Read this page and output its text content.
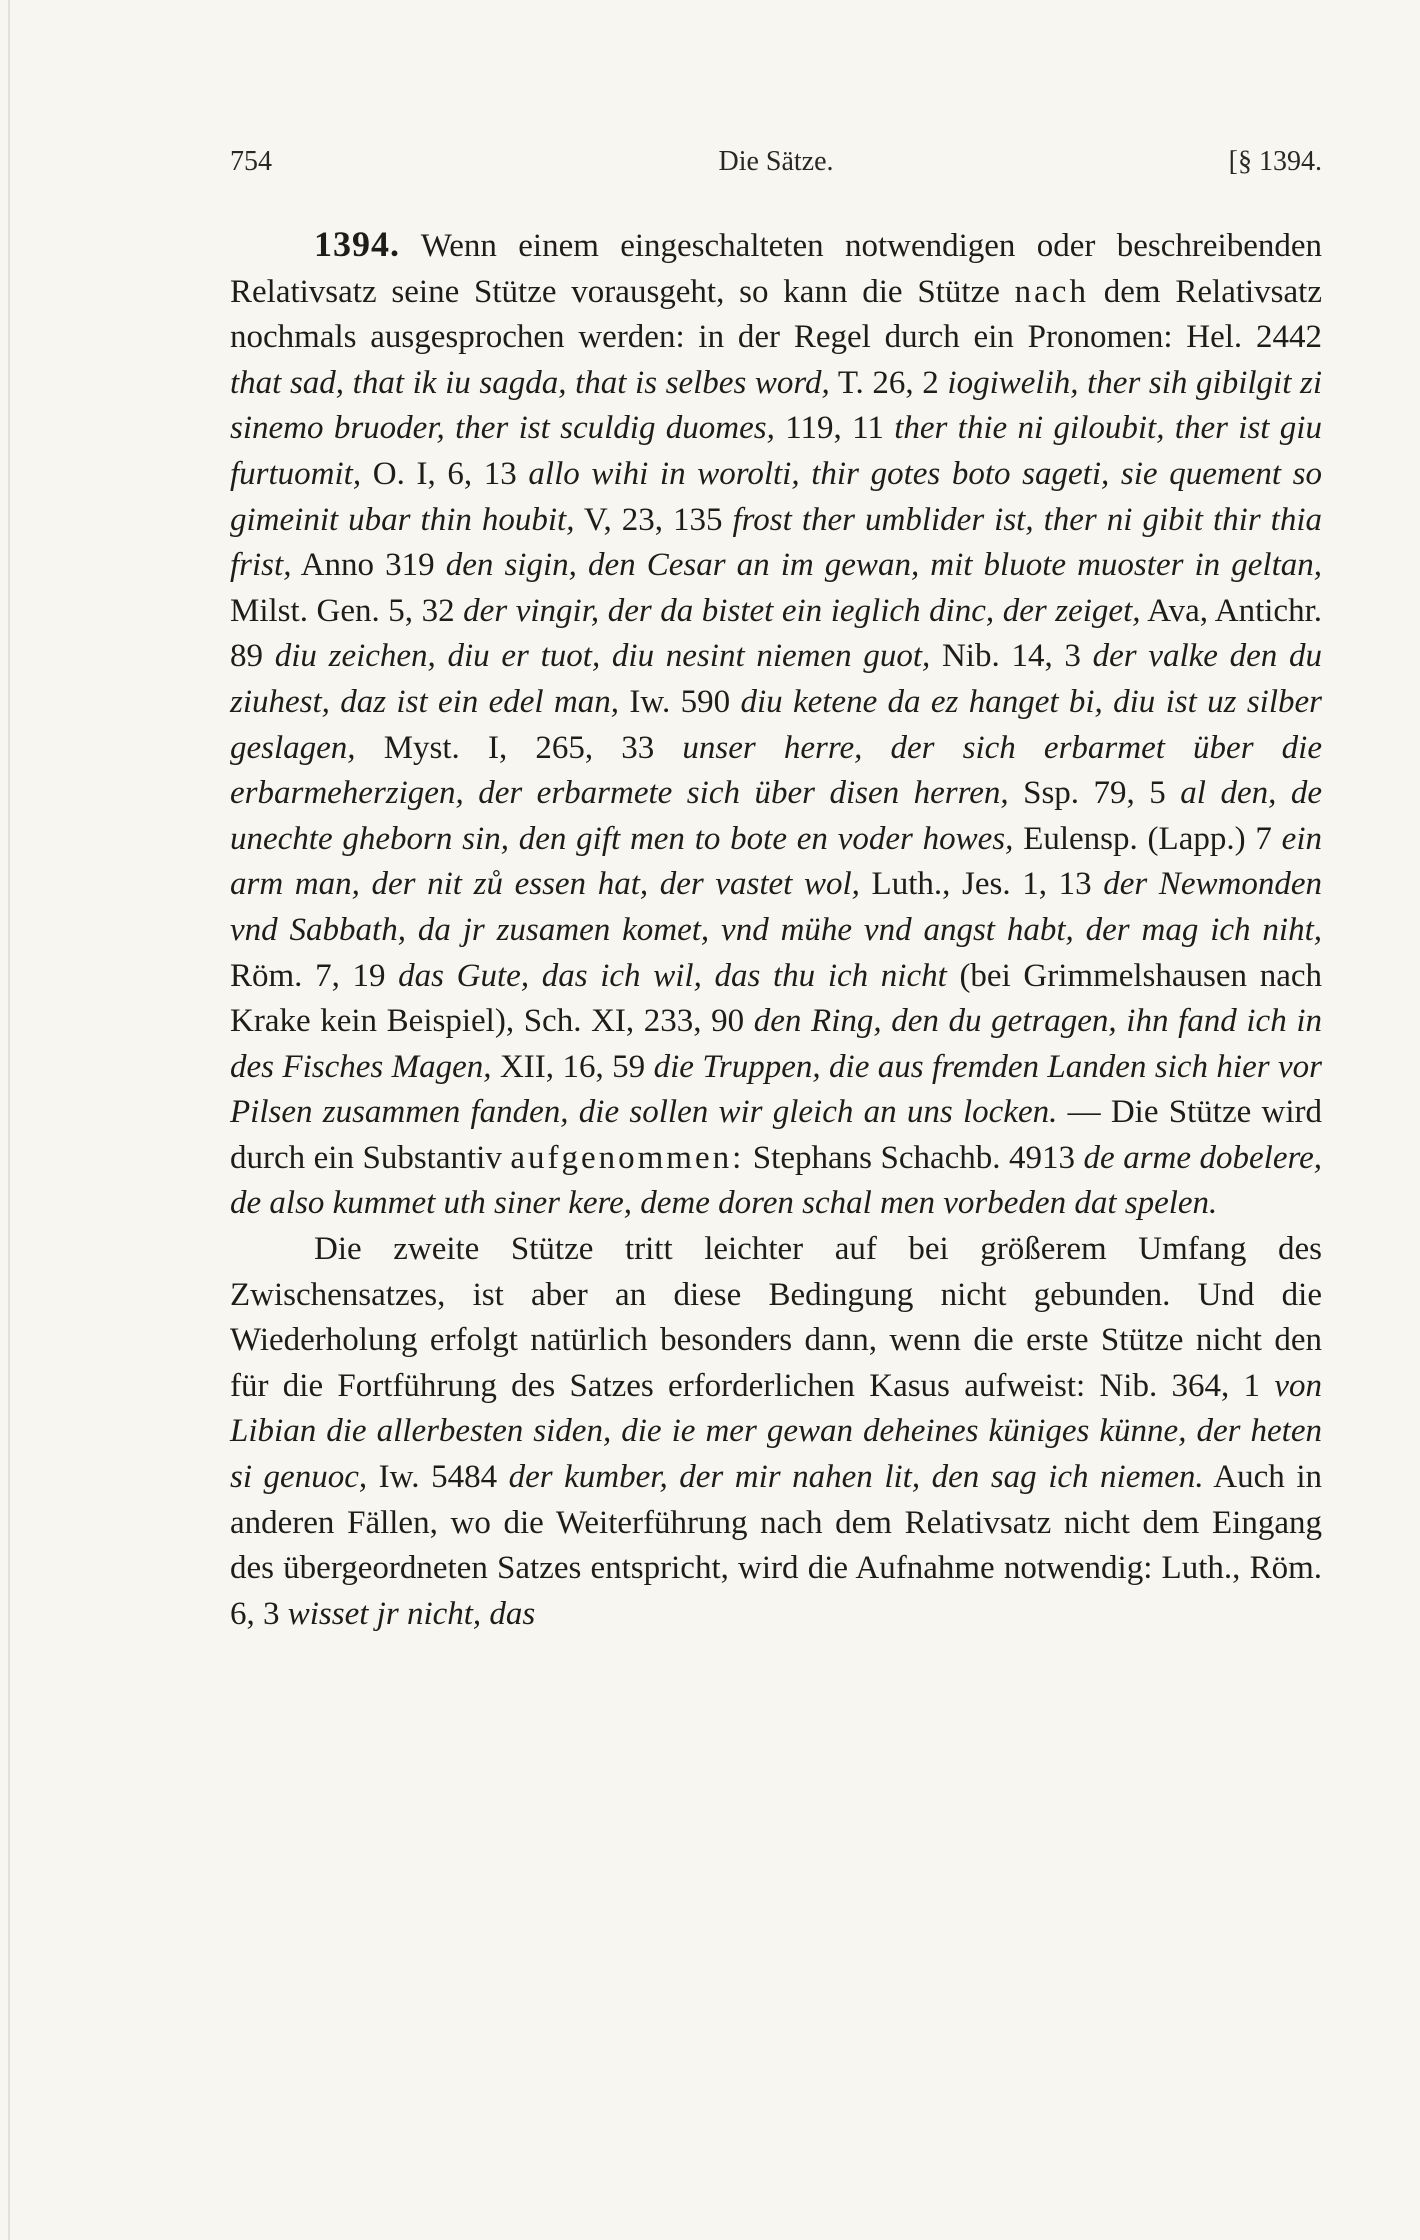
754	Die Sätze.	[§ 1394.

1394. Wenn einem eingeschalteten notwendigen oder beschreibenden Relativsatz seine Stütze vorausgeht, so kann die Stütze nach dem Relativsatz nochmals ausgesprochen werden: in der Regel durch ein Pronomen: Hel. 2442 that sad, that ik iu sagda, that is selbes word, T. 26, 2 iogiwelih, ther sih gibilgit zi sinemo bruoder, ther ist sculdig duomes, 119, 11 ther thie ni giloubit, ther ist giu furtuomit, O. I, 6, 13 allo wihi in worolti, thir gotes boto sageti, sie quement so gimeinit ubar thin houbit, V, 23, 135 frost ther umblider ist, ther ni gibit thir thia frist, Anno 319 den sigin, den Cesar an im gewan, mit bluote muoster in geltan, Milst. Gen. 5, 32 der vingir, der da bistet ein ieglich dinc, der zeiget, Ava, Antichr. 89 diu zeichen, diu er tuot, diu nesint niemen guot, Nib. 14, 3 der valke den du ziuhest, daz ist ein edel man, Iw. 590 diu ketene da ez hanget bi, diu ist uz silber geslagen, Myst. I, 265, 33 unser herre, der sich erbarmet über die erbarmeherzigen, der erbarmete sich über disen herren, Ssp. 79, 5 al den, de unechte gheborn sin, den gift men to bote en voder howes, Eulensp. (Lapp.) 7 ein arm man, der nit zů essen hat, der vastet wol, Luth., Jes. 1, 13 der Newmonden vnd Sabbath, da jr zusamen komet, vnd mühe vnd angst habt, der mag ich niht, Röm. 7, 19 das Gute, das ich wil, das thu ich nicht (bei Grimmelshausen nach Krake kein Beispiel), Sch. XI, 233, 90 den Ring, den du getragen, ihn fand ich in des Fisches Magen, XII, 16, 59 die Truppen, die aus fremden Landen sich hier vor Pilsen zusammen fanden, die sollen wir gleich an uns locken. — Die Stütze wird durch ein Substantiv aufgenommen: Stephans Schachb. 4913 de arme dobelere, de also kummet uth siner kere, deme doren schal men vorbeden dat spelen.

Die zweite Stütze tritt leichter auf bei größerem Umfang des Zwischensatzes, ist aber an diese Bedingung nicht gebunden. Und die Wiederholung erfolgt natürlich besonders dann, wenn die erste Stütze nicht den für die Fortführung des Satzes erforderlichen Kasus aufweist: Nib. 364, 1 von Libian die allerbesten siden, die ie mer gewan deheines küniges künne, der heten si genuoc, Iw. 5484 der kumber, der mir nahen lit, den sag ich niemen. Auch in anderen Fällen, wo die Weiterführung nach dem Relativsatz nicht dem Eingang des übergeordneten Satzes entspricht, wird die Aufnahme notwendig: Luth., Röm. 6, 3 wisset jr nicht, das
